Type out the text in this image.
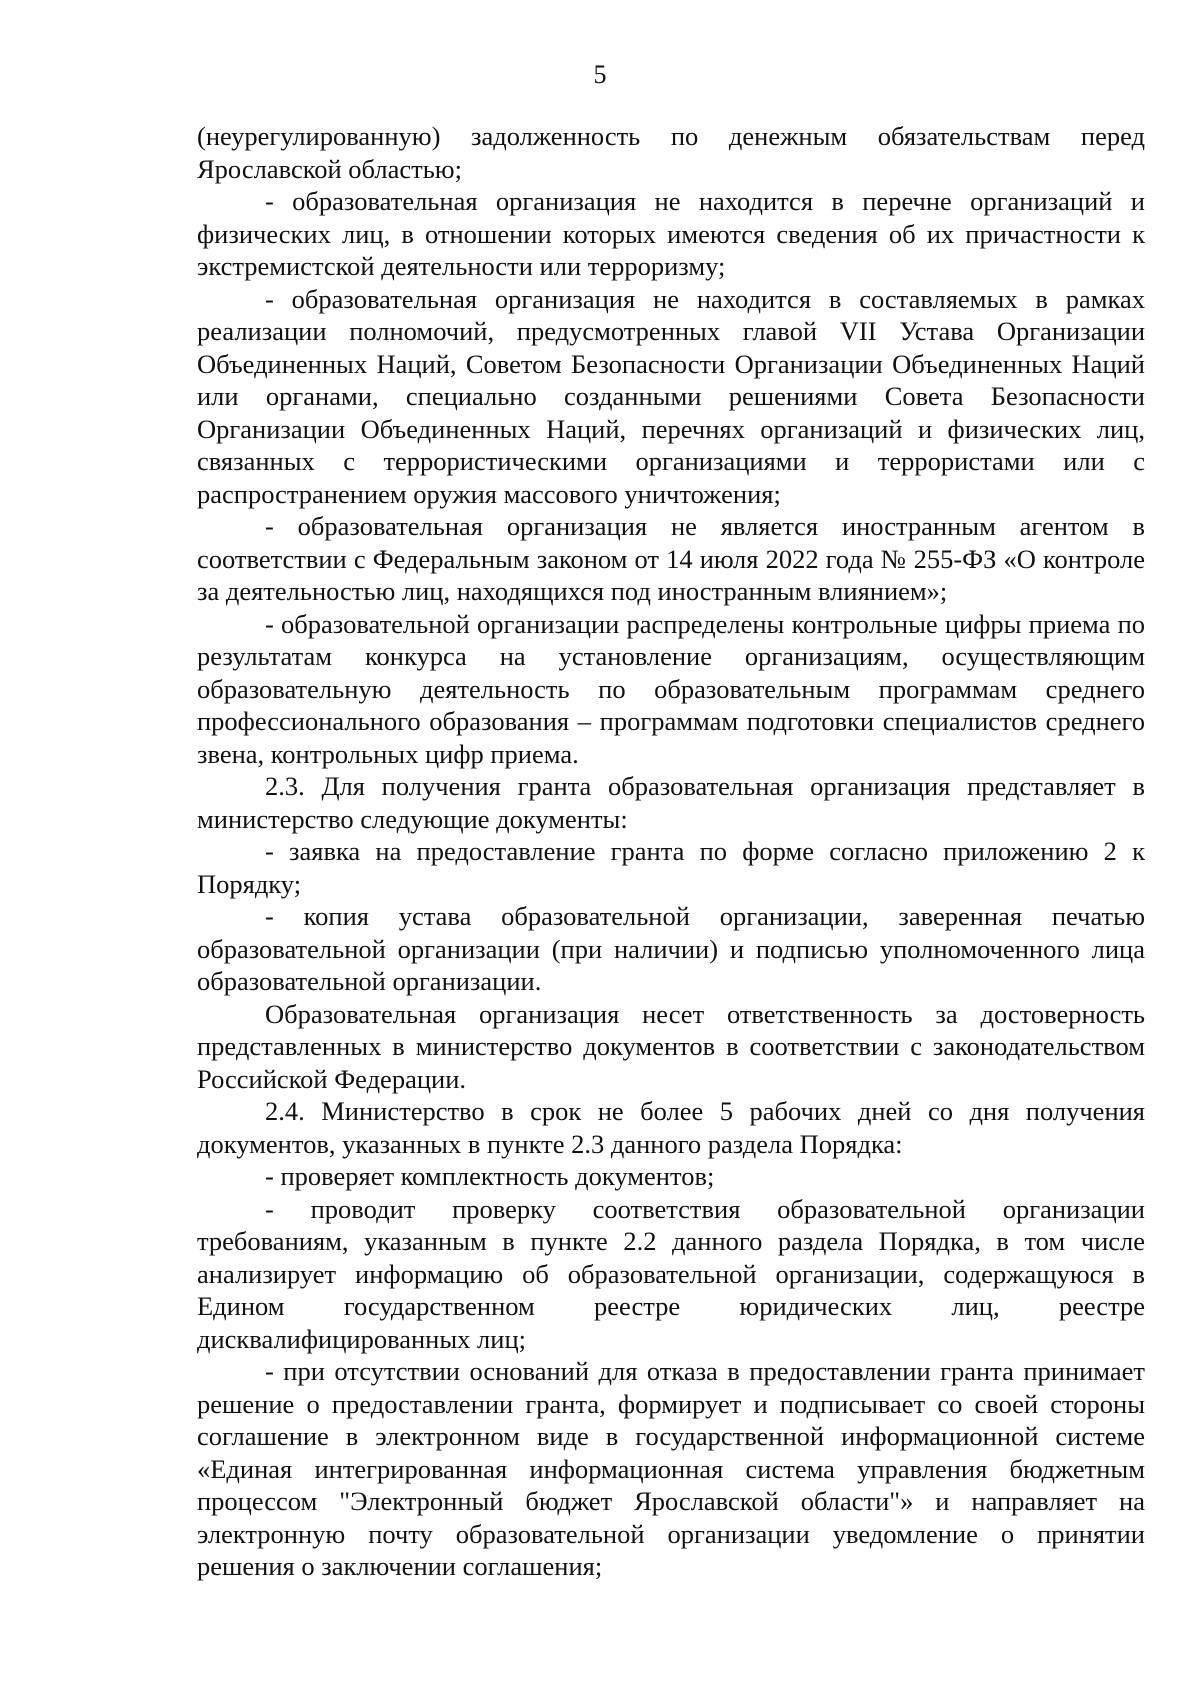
5

(неурегулированную) задолженность по денежным обязательствам перед Ярославской областью;

- образовательная организация не находится в перечне организаций и физических лиц, в отношении которых имеются сведения об их причастности к экстремистской деятельности или терроризму;

- образовательная организация не находится в составляемых в рамках реализации полномочий, предусмотренных главой VII Устава Организации Объединенных Наций, Советом Безопасности Организации Объединенных Наций или органами, специально созданными решениями Совета Безопасности Организации Объединенных Наций, перечнях организаций и физических лиц, связанных с террористическими организациями и террористами или с распространением оружия массового уничтожения;

- образовательная организация не является иностранным агентом в соответствии с Федеральным законом от 14 июля 2022 года № 255-ФЗ «О контроле за деятельностью лиц, находящихся под иностранным влиянием»;

- образовательной организации распределены контрольные цифры приема по результатам конкурса на установление организациям, осуществляющим образовательную деятельность по образовательным программам среднего профессионального образования – программам подготовки специалистов среднего звена, контрольных цифр приема.

2.3. Для получения гранта образовательная организация представляет в министерство следующие документы:

- заявка на предоставление гранта по форме согласно приложению 2 к Порядку;

- копия устава образовательной организации, заверенная печатью образовательной организации (при наличии) и подписью уполномоченного лица образовательной организации.

Образовательная организация несет ответственность за достоверность представленных в министерство документов в соответствии с законодательством Российской Федерации.

2.4. Министерство в срок не более 5 рабочих дней со дня получения документов, указанных в пункте 2.3 данного раздела Порядка:

- проверяет комплектность документов;

- проводит проверку соответствия образовательной организации требованиям, указанным в пункте 2.2 данного раздела Порядка, в том числе анализирует информацию об образовательной организации, содержащуюся в Едином государственном реестре юридических лиц, реестре дисквалифицированных лиц;

- при отсутствии оснований для отказа в предоставлении гранта принимает решение о предоставлении гранта, формирует и подписывает со своей стороны соглашение в электронном виде в государственной информационной системе «Единая интегрированная информационная система управления бюджетным процессом "Электронный бюджет Ярославской области"» и направляет на электронную почту образовательной организации уведомление о принятии решения о заключении соглашения;
